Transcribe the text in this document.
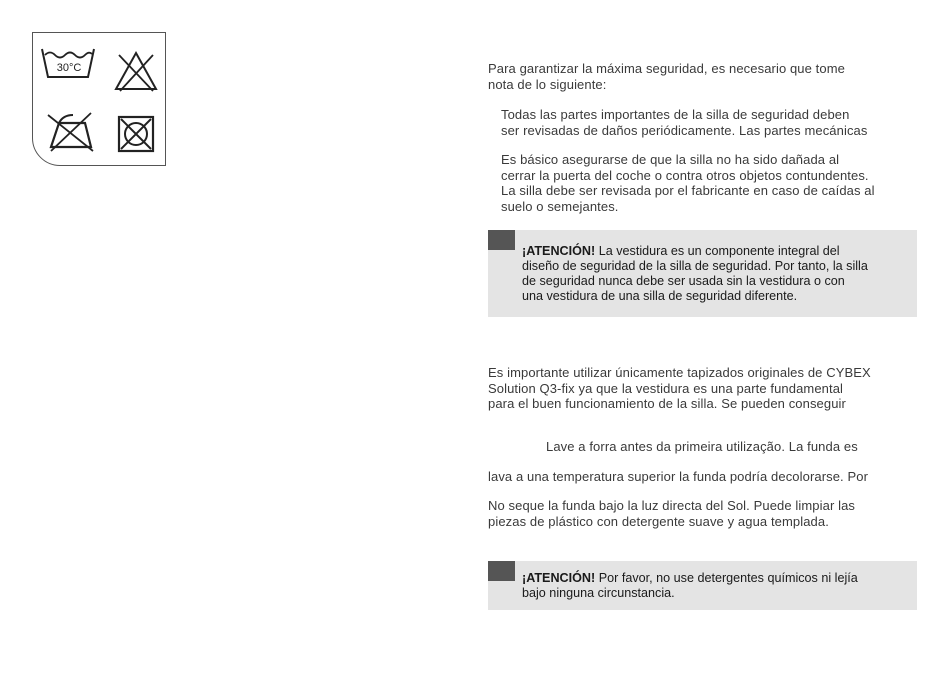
30°C	Para garantizar la máxima seguridad, es necesario que tome
nota de lo siguiente:

Todas las partes importantes de la silla de seguridad deben
ser revisadas de daños periódicamente. Las partes mecánicas

Es básico asegurarse de que la silla no ha sido dañada al
cerrar la puerta del coche o contra otros objetos contundentes.
La silla debe ser revisada por el fabricante en caso de caídas al
suelo o semejantes.

¡ATENCIÓN! La vestidura es un componente integral del
diseño de seguridad de la silla de seguridad. Por tanto, la silla
de seguridad nunca debe ser usada sin la vestidura o con
una vestidura de una silla de seguridad diferente.

Es importante utilizar únicamente tapizados originales de CYBEX
Solution Q3-fix ya que la vestidura es una parte fundamental
para el buen funcionamiento de la silla. Se pueden conseguir

Lave a forra antes da primeira utilização. La funda es

lava a una temperatura superior la funda podría decolorarse. Por

No seque la funda bajo la luz directa del Sol. Puede limpiar las
piezas de plástico con detergente suave y agua templada.

¡ATENCIÓN! Por favor, no use detergentes químicos ni lejía
bajo ninguna circunstancia.
